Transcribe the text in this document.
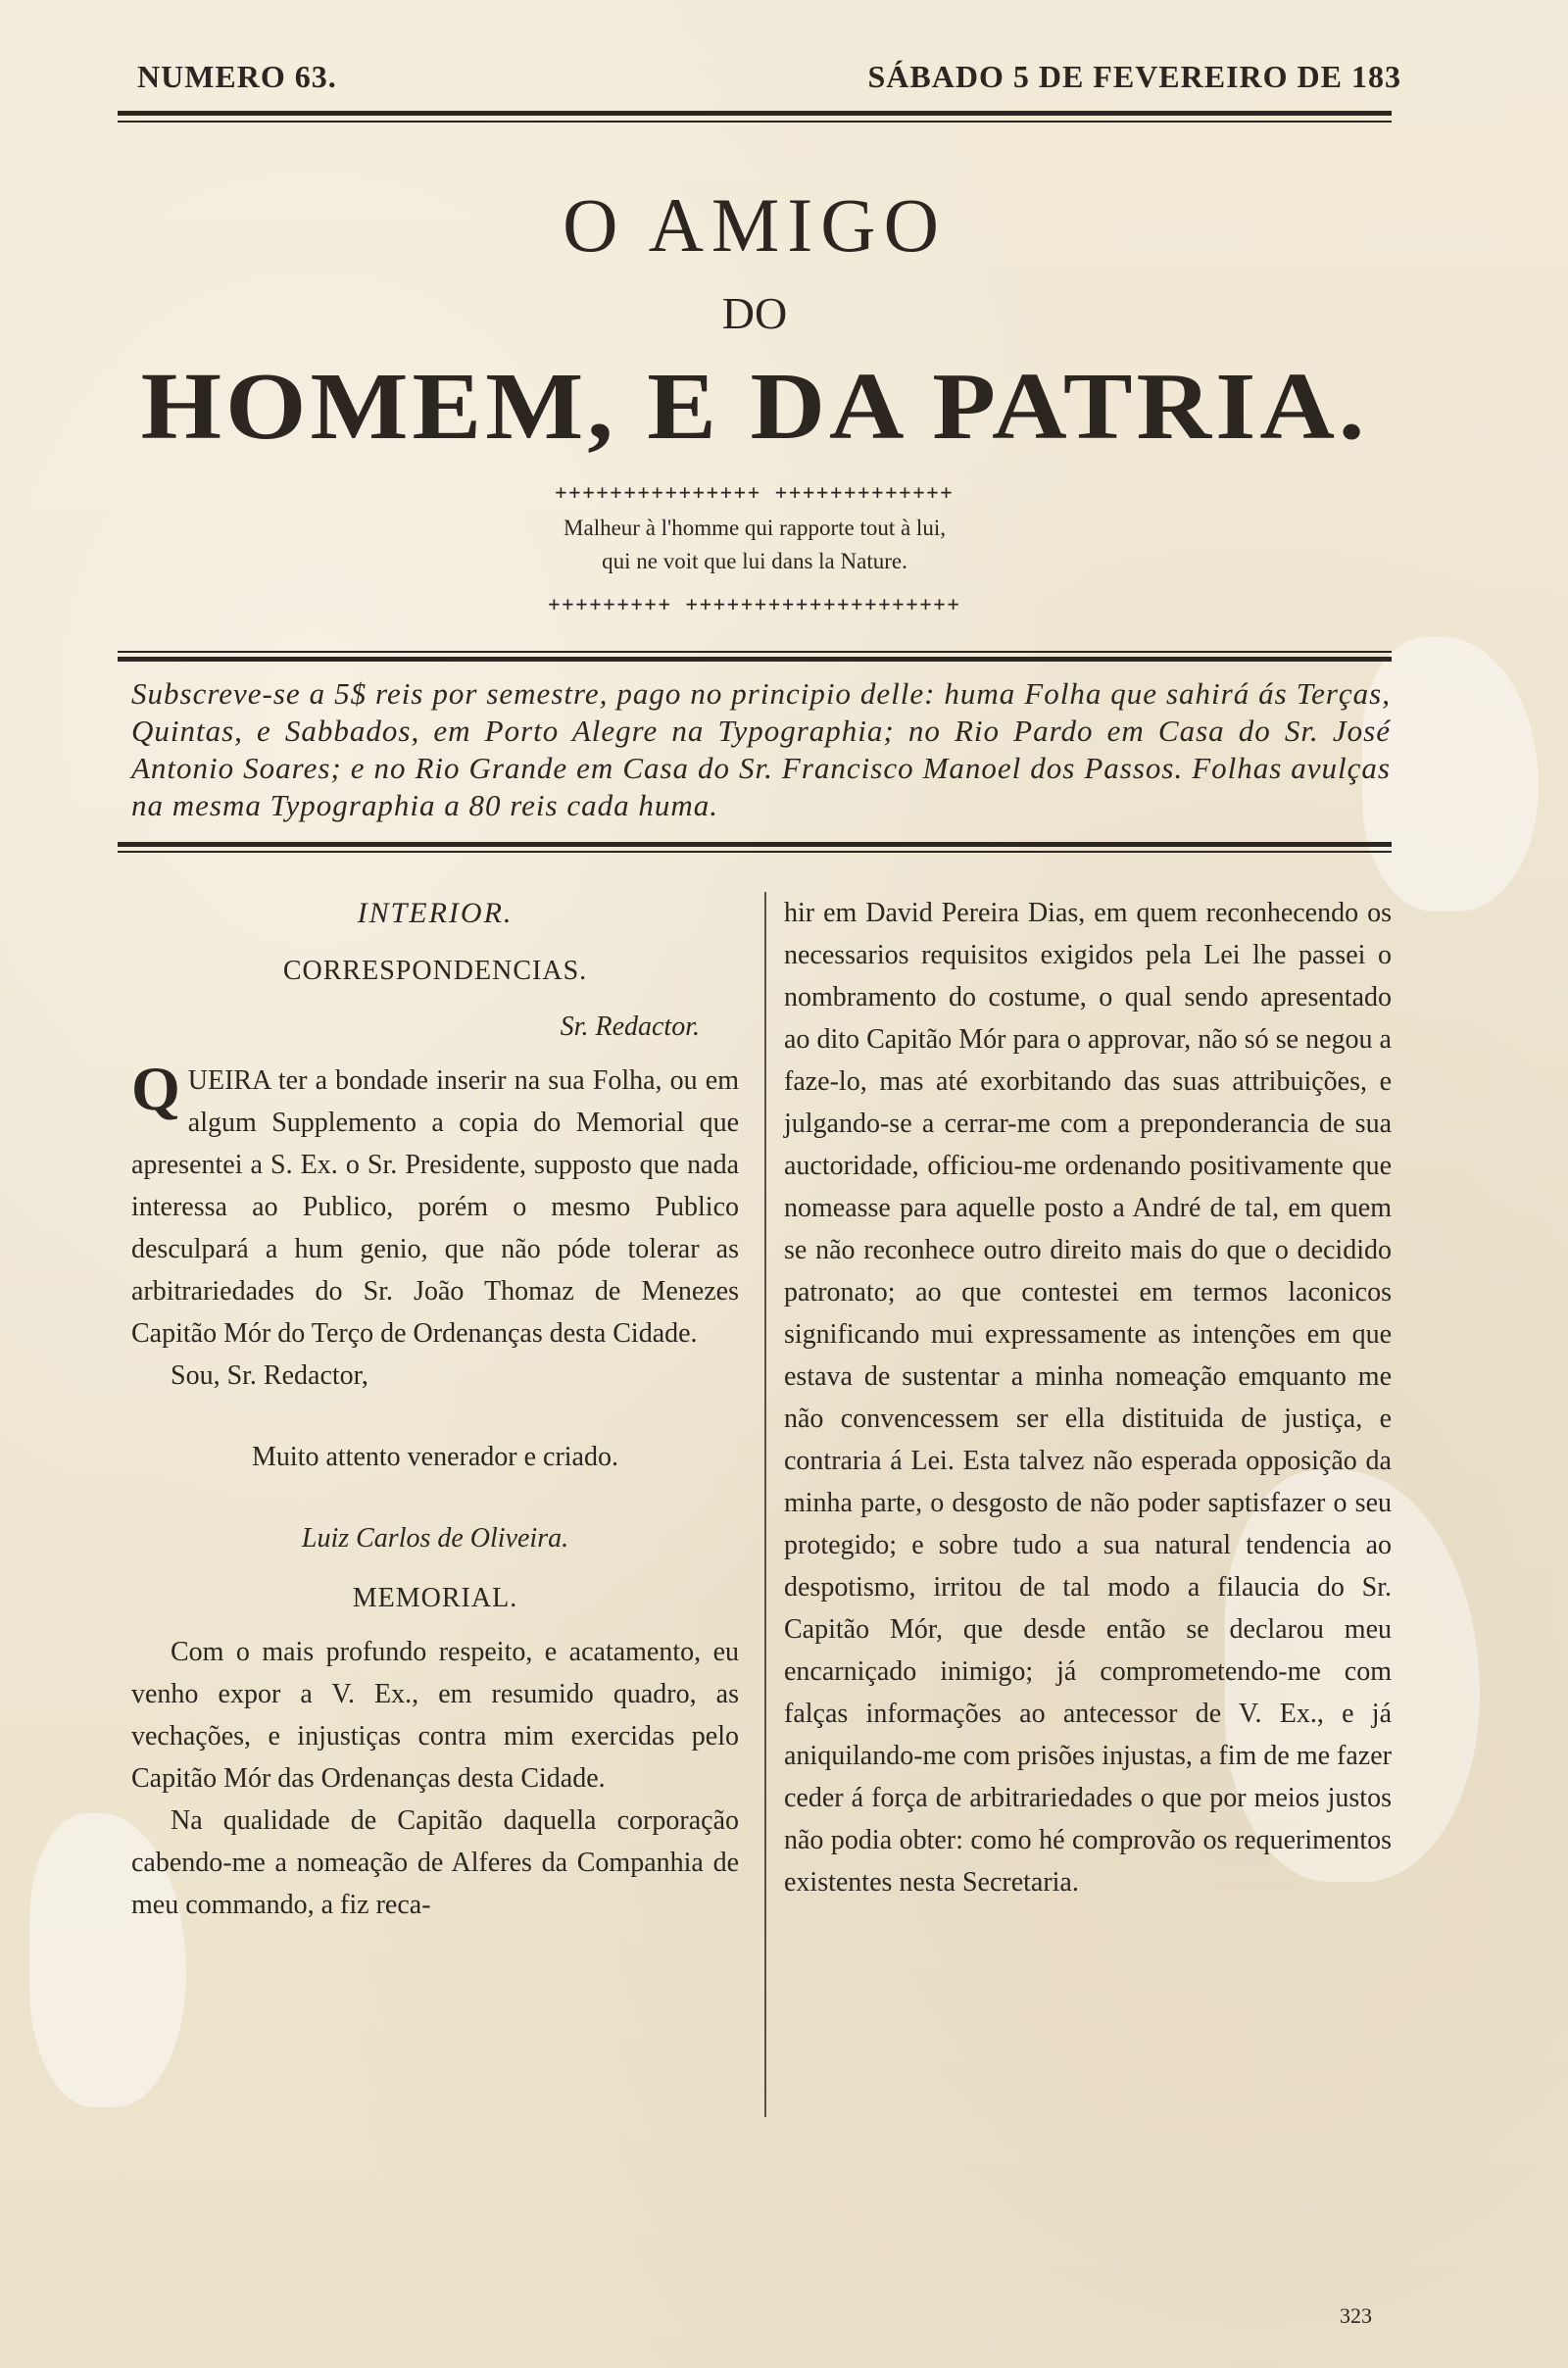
NUMERO 63.	SÁBADO 5 DE FEVEREIRO DE 183
O AMIGO
DO
HOMEM, E DA PATRIA.
+++++++++++++++ +++++++++++++
Malheur à l'homme qui rapporte tout à lui,
qui ne voit que lui dans la Nature.
+++++++++ ++++++++++++++++++++
Subscreve-se a 5$ reis por semestre, pago no principio delle: huma Folha que sahirá ás Terças, Quintas, e Sabbados, em Porto Alegre na Typographia; no Rio Pardo em Casa do Sr. José Antonio Soares; e no Rio Grande em Casa do Sr. Francisco Manoel dos Passos. Folhas avulças na mesma Typographia a 80 reis cada huma.
INTERIOR.
CORRESPONDENCIAS.
Sr. Redactor.

QUEIRA ter a bondade inserir na sua Folha, ou em algum Supplemento a copia do Memorial que apresentei a S. Ex. o Sr. Presidente, supposto que nada interessa ao Publico, porém o mesmo Publico desculpará a hum genio, que não póde tolerar as arbitrariedades do Sr. João Thomaz de Menezes Capitão Mór do Terço de Ordenanças desta Cidade.

Sou, Sr. Redactor,

Muito attento venerador e criado.

Luiz Carlos de Oliveira.

MEMORIAL.

Com o mais profundo respeito, e acatamento, eu venho expor a V. Ex., em resumido quadro, as vechações, e injustiças contra mim exercidas pelo Capitão Mór das Ordenanças desta Cidade.

Na qualidade de Capitão daquella corporação cabendo-me a nomeação de Alferes da Companhia de meu commando, a fiz reca-

hir em David Pereira Dias, em quem reconhecendo os necessarios requisitos exigidos pela Lei lhe passei o nombramento do costume, o qual sendo apresentado ao dito Capitão Mór para o approvar, não só se negou a faze-lo, mas até exorbitando das suas attribuições, e julgando-se a cerrar-me com a preponderancia de sua auctoridade, officiou-me ordenando positivamente que nomeasse para aquelle posto a André de tal, em quem se não reconhece outro direito mais do que o decidido patronato; ao que contestei em termos laconicos significando mui expressamente as intenções em que estava de sustentar a minha nomeação emquanto me não convencessem ser ella distituida de justiça, e contraria á Lei. Esta talvez não esperada opposição da minha parte, o desgosto de não poder saptisfazer o seu protegido; e sobre tudo a sua natural tendencia ao despotismo, irritou de tal modo a filaucia do Sr. Capitão Mór, que desde então se declarou meu encarniçado inimigo; já comprometendo-me com falças informações ao antecessor de V. Ex., e já aniquilando-me com prisões injustas, a fim de me fazer ceder á força de arbitrariedades o que por meios justos não podia obter: como hé comprovão os requerimentos existentes nesta Secretaria.

323
